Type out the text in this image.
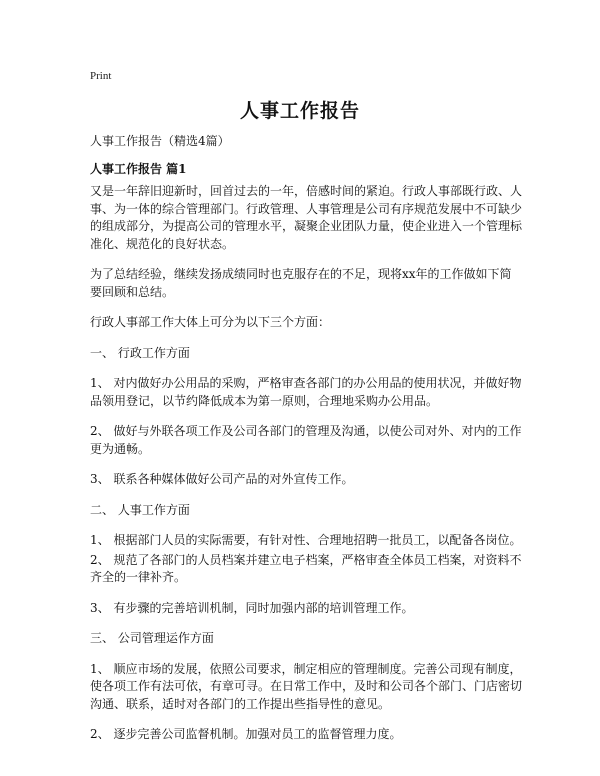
Print
人事工作报告
人事工作报告（精选4篇）
人事工作报告 篇1

又是一年辞旧迎新时，回首过去的一年，倍感时间的紧迫。行政人事部既行政、人事、为一体的综合管理部门。行政管理、人事管理是公司有序规范发展中不可缺少的组成部分，为提高公司的管理水平，凝聚企业团队力量，使企业进入一个管理标准化、规范化的良好状态。

为了总结经验，继续发扬成绩同时也克服存在的不足，现将xx年的工作做如下简要回顾和总结。

行政人事部工作大体上可分为以下三个方面：

一、 行政工作方面

1、 对内做好办公用品的采购，严格审查各部门的办公用品的使用状况，并做好物品领用登记，以节约降低成本为第一原则，合理地采购办公用品。

2、 做好与外联各项工作及公司各部门的管理及沟通，以使公司对外、对内的工作更为通畅。

3、 联系各种媒体做好公司产品的对外宣传工作。

二、 人事工作方面

1、 根据部门人员的实际需要，有针对性、合理地招聘一批员工，以配备各岗位。

2、 规范了各部门的人员档案并建立电子档案，严格审查全体员工档案，对资料不齐全的一律补齐。

3、 有步骤的完善培训机制，同时加强内部的培训管理工作。

三、 公司管理运作方面

1、 顺应市场的发展，依照公司要求，制定相应的管理制度。完善公司现有制度，使各项工作有法可依，有章可寻。在日常工作中，及时和公司各个部门、门店密切沟通、联系，适时对各部门的工作提出些指导性的意见。

2、 逐步完善公司监督机制。加强对员工的监督管理力度。
